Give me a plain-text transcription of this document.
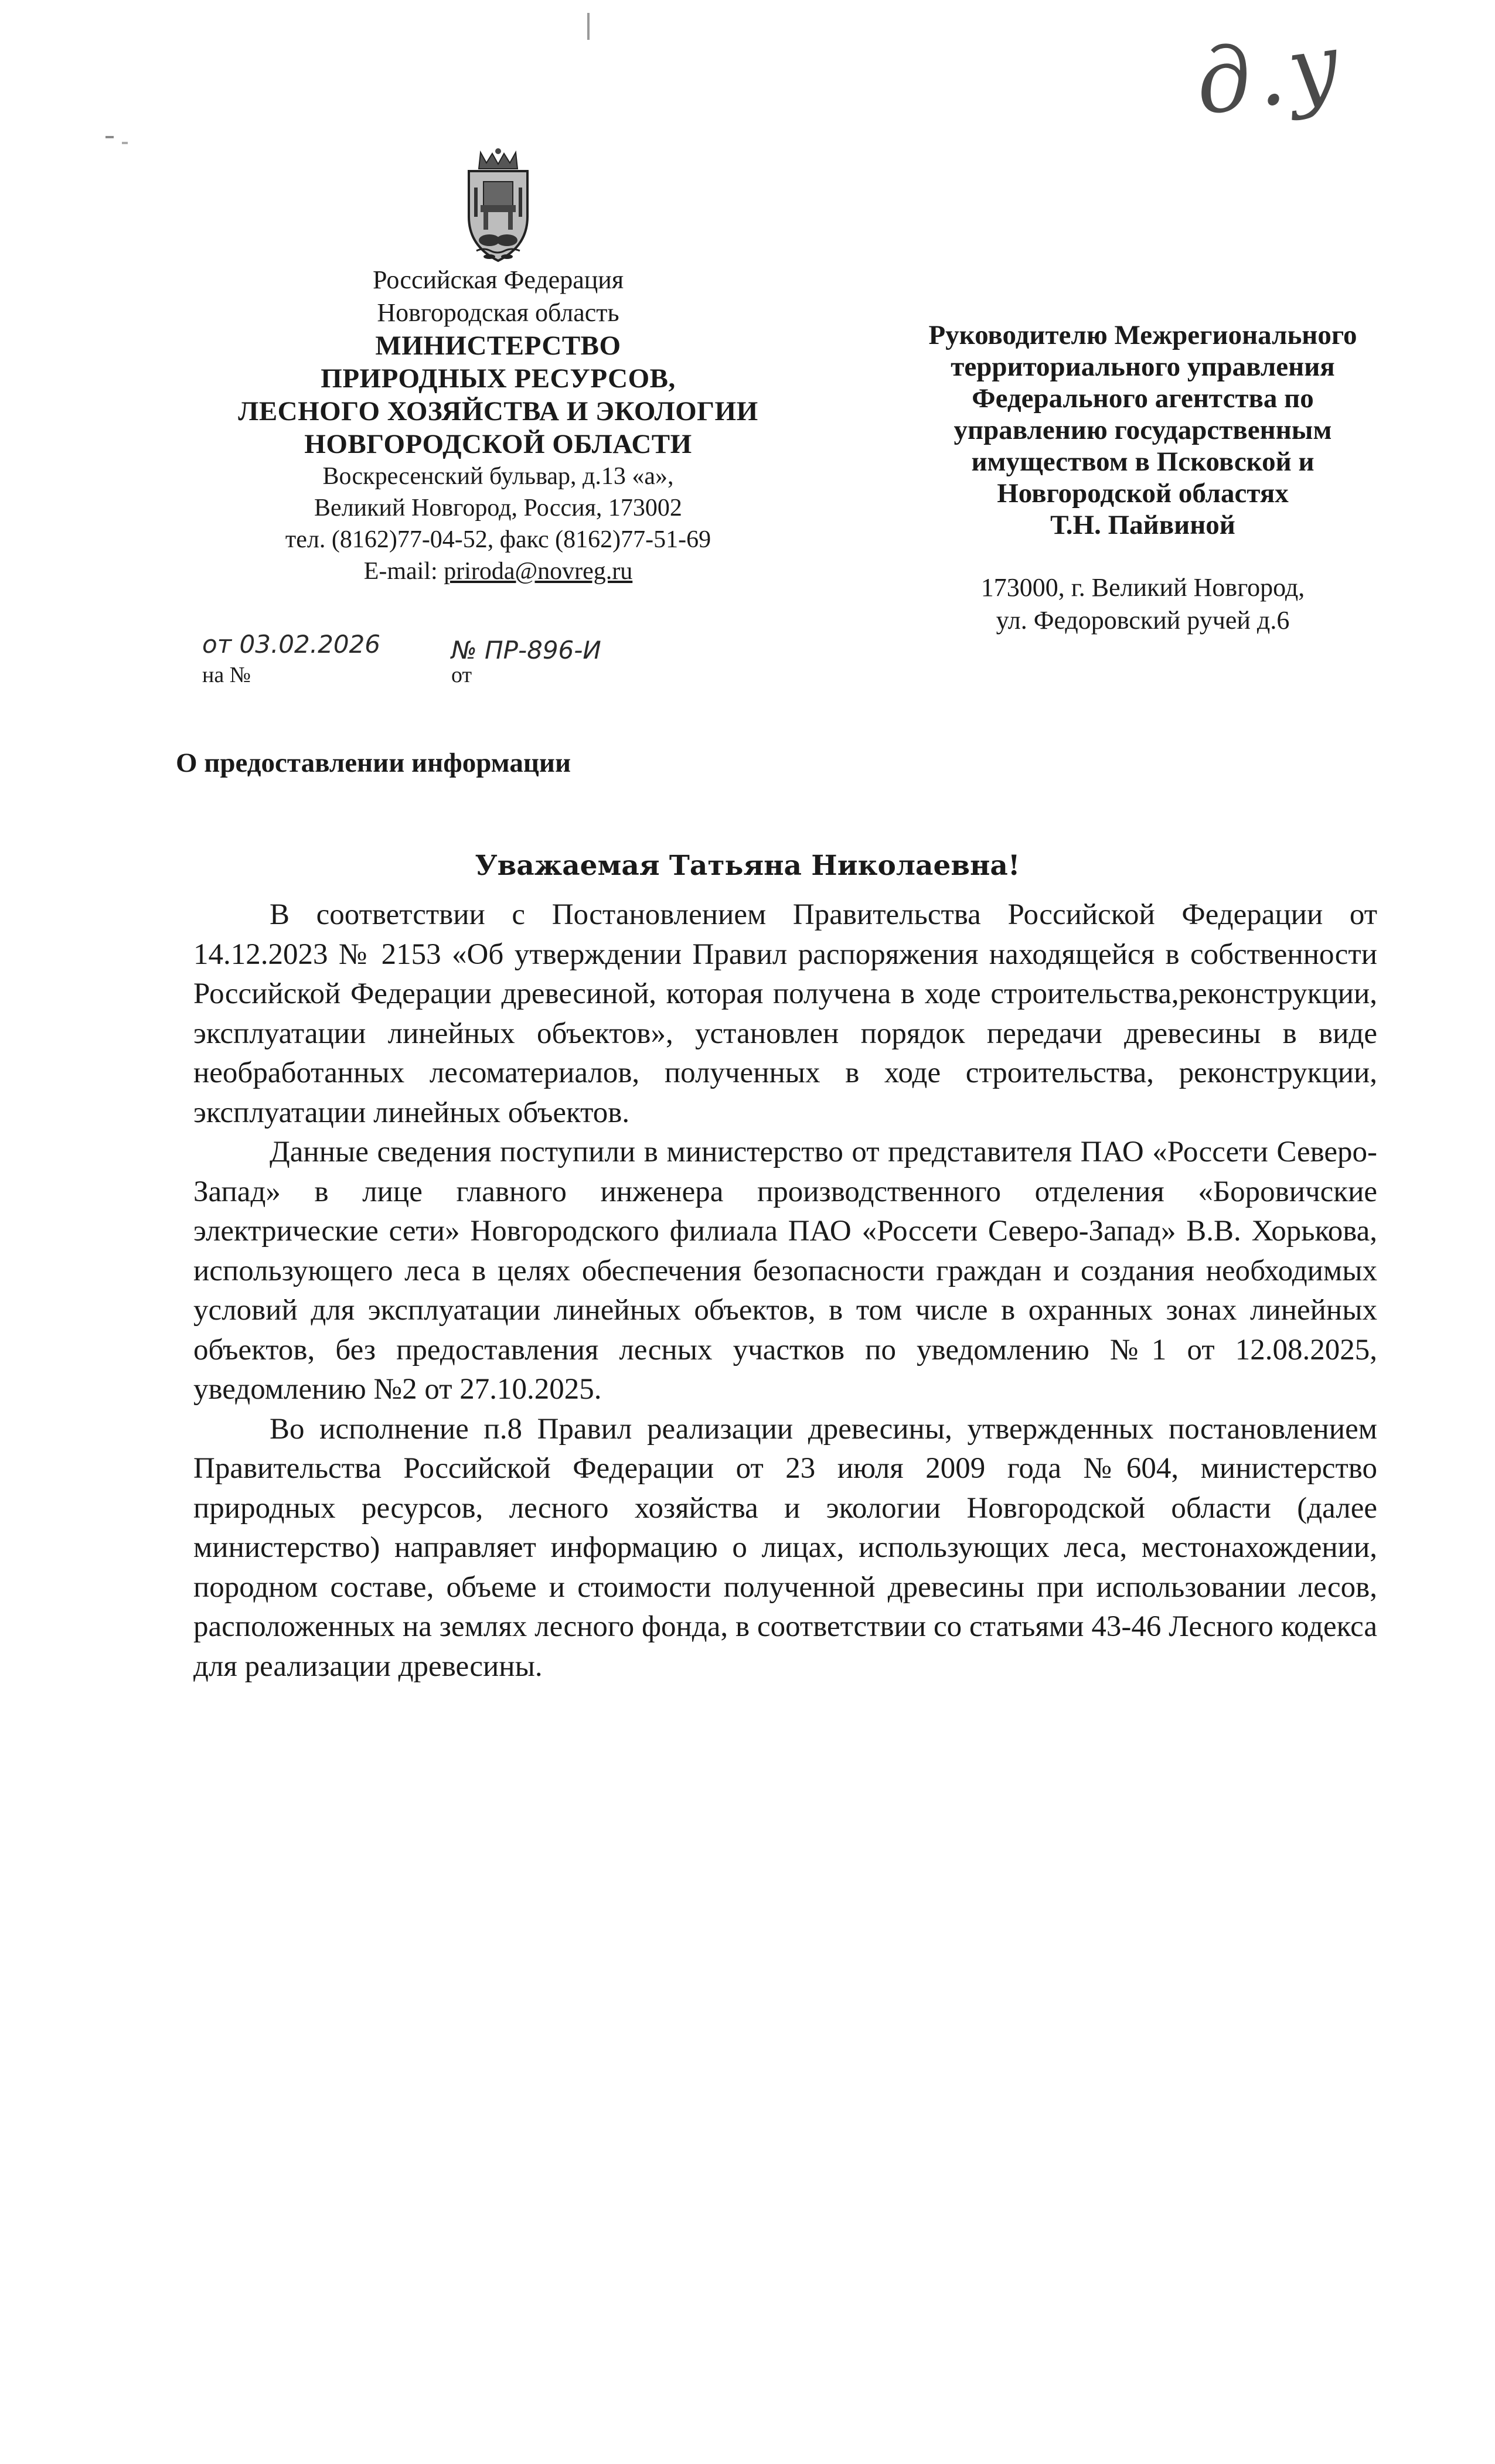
д.у
Российская Федерация
Новгородская область
МИНИСТЕРСТВО
ПРИРОДНЫХ РЕСУРСОВ,
ЛЕСНОГО ХОЗЯЙСТВА И ЭКОЛОГИИ
НОВГОРОДСКОЙ ОБЛАСТИ
Воскресенский бульвар, д.13 «а»,
Великий Новгород, Россия, 173002
тел. (8162)77-04-52, факс (8162)77-51-69
E-mail: priroda@novreg.ru
Руководителю Межрегионального
территориального управления
Федерального агентства по
управлению государственным
имуществом в Псковской и
Новгородской областях
Т.Н. Пайвиной
173000, г. Великий Новгород,
ул. Федоровский ручей д.6
от 03.02.2026
на №
№ ПР-896-И
от
О предоставлении информации
Уважаемая Татьяна Николаевна!

В соответствии с Постановлением Правительства Российской Федерации от 14.12.2023 № 2153 «Об утверждении Правил распоряжения находящейся в собственности Российской Федерации древесиной, которая получена в ходе строительства,реконструкции, эксплуатации линейных объектов», установлен порядок передачи древесины в виде необработанных лесоматериалов, полученных в ходе строительства, реконструкции, эксплуатации линейных объектов.

Данные сведения поступили в министерство от представителя ПАО «Россети Северо-Запад» в лице главного инженера производственного отделения «Боровичские электрические сети» Новгородского филиала ПАО «Россети Северо-Запад» В.В. Хорькова, использующего леса в целях обеспечения безопасности граждан и создания необходимых условий для эксплуатации линейных объектов, в том числе в охранных зонах линейных объектов, без предоставления лесных участков по уведомлению №1 от 12.08.2025, уведомлению №2 от 27.10.2025.

Во исполнение п.8 Правил реализации древесины, утвержденных постановлением Правительства Российской Федерации от 23 июля 2009 года №604, министерство природных ресурсов, лесного хозяйства и экологии Новгородской области (далее министерство) направляет информацию о лицах, использующих леса, местонахождении, породном составе, объеме и стоимости полученной древесины при использовании лесов, расположенных на землях лесного фонда, в соответствии со статьями 43-46 Лесного кодекса для реализации древесины.
